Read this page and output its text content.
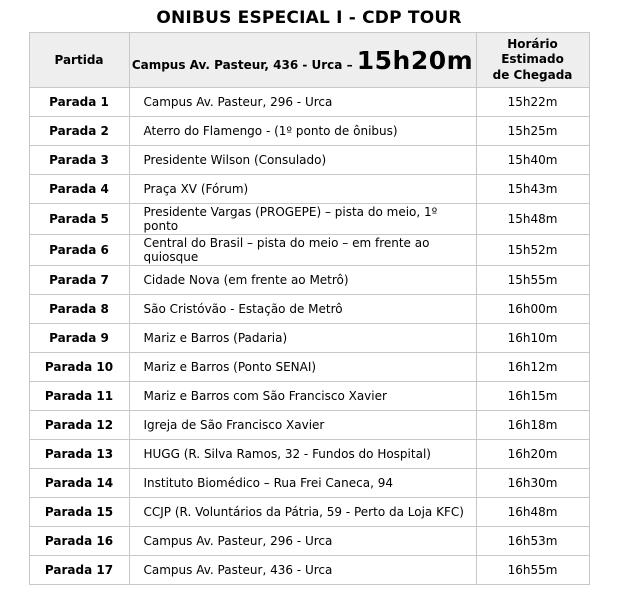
ONIBUS ESPECIAL I - CDP TOUR
Partida	Campus Av. Pasteur, 436 - Urca – 15h20m	Horário Estimado
de Chegada

Parada 1	Campus Av. Pasteur, 296 - Urca	15h22m
Parada 2	Aterro do Flamengo - (1º ponto de ônibus)	15h25m
Parada 3	Presidente Wilson (Consulado)	15h40m
Parada 4	Praça XV (Fórum)	15h43m
Parada 5	Presidente Vargas (PROGEPE) – pista do meio, 1º ponto	15h48m
Parada 6	Central do Brasil – pista do meio – em frente ao quiosque	15h52m
Parada 7	Cidade Nova (em frente ao Metrô)	15h55m
Parada 8	São Cristóvão - Estação de Metrô	16h00m
Parada 9	Mariz e Barros (Padaria)	16h10m
Parada 10	Mariz e Barros (Ponto SENAI)	16h12m
Parada 11	Mariz e Barros com São Francisco Xavier	16h15m
Parada 12	Igreja de São Francisco Xavier	16h18m
Parada 13	HUGG (R. Silva Ramos, 32 - Fundos do Hospital)	16h20m
Parada 14	Instituto Biomédico – Rua Frei Caneca, 94	16h30m
Parada 15	CCJP (R. Voluntários da Pátria, 59 - Perto da Loja KFC)	16h48m
Parada 16	Campus Av. Pasteur, 296 - Urca	16h53m
Parada 17	Campus Av. Pasteur, 436 - Urca	16h55m
